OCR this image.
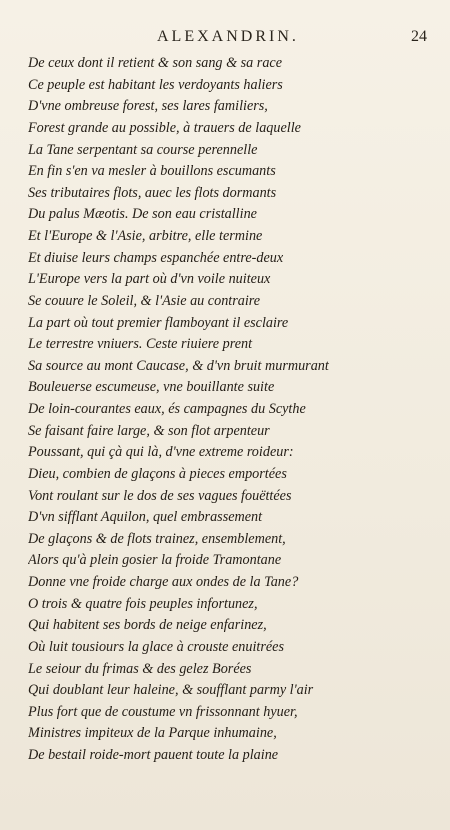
ALEXANDRIN.	24
De ceux dont il retient & son sang & sa race
Ce peuple est habitant les verdoyants haliers
D'vne ombreuse forest, ses lares familiers,
Forest grande au possible, à trauers de laquelle
La Tane serpentant sa course perennelle
En fin s'en va mesler à bouillons escumants
Ses tributaires flots, auec les flots dormants
Du palus Mæotis. De son eau cristalline
Et l'Europe & l'Asie, arbitre, elle termine
Et diuise leurs champs espanchée entre-deux
L'Europe vers la part où d'vn voile nuiteux
Se couure le Soleil, & l'Asie au contraire
La part où tout premier flamboyant il esclaire
Le terrestre vniuers. Ceste riuiere prent
Sa source au mont Caucase, & d'vn bruit murmurant
Bouleuerse escumeuse, vne bouillante suite
De loin-courantes eaux, és campagnes du Scythe
Se faisant faire large, & son flot arpenteur
Poussant, qui çà qui là, d'vne extreme roideur:
Dieu, combien de glaçons à pieces emportées
Vont roulant sur le dos de ses vagues fouëttées
D'vn sifflant Aquilon, quel embrassement
De glaçons & de flots trainez, ensemblement,
Alors qu'à plein gosier la froide Tramontane
Donne vne froide charge aux ondes de la Tane?
O trois & quatre fois peuples infortunez,
Qui habitent ses bords de neige enfarinez,
Où luit tousiours la glace à crouste enuitrées
Le seiour du frimas & des gelez Borées
Qui doublant leur haleine, & soufflant parmy l'air
Plus fort que de coustume vn frissonnant hyuer,
Ministres impiteux de la Parque inhumaine,
De bestail roide-mort pauent toute la plaine
